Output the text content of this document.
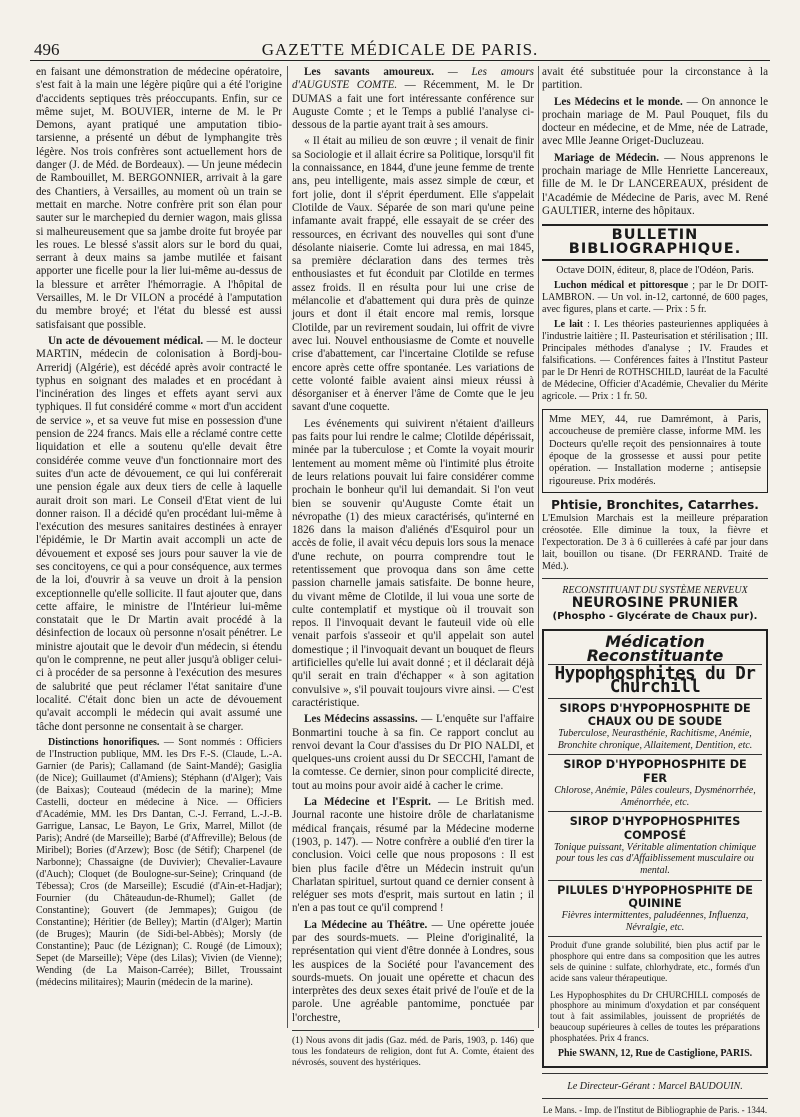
496	GAZETTE MÉDICALE DE PARIS.

en faisant une démonstration de médecine opératoire, s'est fait à la main une légère piqûre qui a été l'origine d'accidents septiques très préoccupants. Enfin, sur ce même sujet, M. BOUVIER, interne de M. le Pr Demons, ayant pratiqué une amputation tibio-tarsienne, a présenté un début de lymphangite très légère. Nos trois confrères sont actuellement hors de danger (J. de Méd. de Bordeaux). — Un jeune médecin de Rambouillet, M. BERGONNIER, arrivait à la gare des Chantiers, à Versailles, au moment où un train se mettait en marche. Notre confrère prit son élan pour sauter sur le marchepied du dernier wagon, mais glissa si malheureusement que sa jambe droite fut broyée par les roues. Le blessé s'assit alors sur le bord du quai, serrant à deux mains sa jambe mutilée et faisant apporter une ficelle pour la lier lui-même au-dessus de la blessure et arrêter l'hémorragie. A l'hôpital de Versailles, M. le Dr VILON a procédé à l'amputation du membre broyé; et l'état du blessé est aussi satisfaisant que possible.

Un acte de dévouement médical. — M. le docteur MARTIN, médecin de colonisation à Bordj-bou-Arreridj (Algérie), est décédé après avoir contracté le typhus en soignant des malades et en procédant à l'incinération des linges et effets ayant servi aux typhiques. Il fut considéré comme « mort d'un accident de service », et sa veuve fut mise en possession d'une pension de 224 francs. Mais elle a réclamé contre cette liquidation et elle a soutenu qu'elle devait être considérée comme veuve d'un fonctionnaire mort des suites d'un acte de dévouement, ce qui lui conférerait une pension égale aux deux tiers de celle à laquelle aurait droit son mari. Le Conseil d'Etat vient de lui donner raison. Il a décidé qu'en procédant lui-même à l'exécution des mesures sanitaires destinées à enrayer l'épidémie, le Dr Martin avait accompli un acte de dévouement et exposé ses jours pour sauver la vie de ses concitoyens, ce qui a pour conséquence, aux termes de la loi, d'ouvrir à sa veuve un droit à la pension exceptionnelle qu'elle sollicite. Il faut ajouter que, dans cette affaire, le ministre de l'Intérieur lui-même constatait que le Dr Martin avait procédé à la désinfection de locaux où personne n'osait pénétrer. Le ministre ajoutait que le devoir d'un médecin, si étendu qu'on le comprenne, ne peut aller jusqu'à obliger celui-ci à procéder de sa personne à l'exécution des mesures de salubrité que peut réclamer l'état sanitaire d'une localité. C'était donc bien un acte de dévouement qu'avait accompli le médecin qui avait assumé une tâche dont personne ne consentait à se charger.

Distinctions honorifiques. — Sont nommés : Officiers de l'Instruction publique, MM. les Drs F.-S. (Claude, L.-A. Garnier (de Paris); Callamand (de Saint-Mandé); Gasiglia (de Nice); Guillaumet (d'Amiens); Stéphann (d'Alger); Vais (de Baixas); Couteaud (médecin de la marine); Mme Castelli, docteur en médecine à Nice. — Officiers d'Académie, MM. les Drs Dantan, C.-J. Ferrand, L.-J.-B. Garrigue, Lansac, Le Bayon, Le Grix, Marrel, Millot (de Paris); André (de Marseille); Barbé (d'Affreville); Belous (de Miribel); Bories (d'Arzew); Bosc (de Sétif); Charpenel (de Narbonne); Chassaigne (de Duvivier); Chevalier-Lavaure (d'Auch); Cloquet (de Boulogne-sur-Seine); Crinquand (de Tébessa); Cros (de Marseille); Escudié (d'Ain-et-Hadjar); Fournier (du Châteaudun-de-Rhumel); Gallet (de Constantine); Gouvert (de Jemmapes); Guigou (de Constantine); Héritier (de Belley); Martin (d'Alger); Martin (de Bruges); Maurin (de Sidi-bel-Abbès); Morsly (de Constantine); Pauc (de Lézignan); C. Rougé (de Limoux); Sepet (de Marseille); Vèpe (des Lilas); Vivien (de Vienne); Wending (de La Maison-Carrée); Billet, Troussaint (médecins militaires); Maurin (médecin de la marine).

Les savants amoureux. — Les amours d'AUGUSTE COMTE. — Récemment, M. le Dr DUMAS a fait une fort intéressante conférence sur Auguste Comte ; et le Temps a publié l'analyse ci-dessous de la partie ayant trait à ses amours.

« Il était au milieu de son œuvre ; il venait de finir sa Sociologie et il allait écrire sa Politique, lorsqu'il fit la connaissance, en 1844, d'une jeune femme de trente ans, peu intelligente, mais assez simple de cœur, et fort jolie, dont il s'éprit éperdument. Elle s'appelait Clotilde de Vaux. Séparée de son mari qu'une peine infamante avait frappé, elle essayait de se créer des ressources, en écrivant des nouvelles qui sont d'une désolante niaiserie. Comte lui adressa, en mai 1845, sa première déclaration dans des termes très enthousiastes et fut éconduit par Clotilde en termes assez froids. Il en résulta pour lui une crise de mélancolie et d'abattement qui dura près de quinze jours et dont il était encore mal remis, lorsque Clotilde, par un revirement soudain, lui offrit de vivre avec lui. Nouvel enthousiasme de Comte et nouvelle crise d'abattement, car l'incertaine Clotilde se refuse encore après cette offre spontanée. Les variations de cette volonté faible avaient ainsi mieux réussi à désorganiser et à énerver l'âme de Comte que le jeu savant d'une coquette.

Les événements qui suivirent n'étaient d'ailleurs pas faits pour lui rendre le calme; Clotilde dépérissait, minée par la tuberculose ; et Comte la voyait mourir lentement au moment même où l'intimité plus étroite de leurs relations pouvait lui faire considérer comme prochain le bonheur qu'il lui demandait. Si l'on veut bien se souvenir qu'Auguste Comte était un névropathe (1) des mieux caractérisés, qu'interné en 1826 dans la maison d'aliénés d'Esquirol pour un accès de folie, il avait vécu depuis lors sous la menace d'une rechute, on pourra comprendre tout le retentissement que provoqua dans son âme cette passion charnelle jamais satisfaite. De bonne heure, du vivant même de Clotilde, il lui voua une sorte de culte contemplatif et mystique où il trouvait son repos. Il l'invoquait devant le fauteuil vide où elle venait parfois s'asseoir et qu'il appelait son autel domestique ; il l'invoquait devant un bouquet de fleurs artificielles qu'elle lui avait donné ; et il déclarait déjà qu'il serait en train d'échapper « à son agitation convulsive », s'il pouvait toujours vivre ainsi. — C'est caractéristique.

Les Médecins assassins. — L'enquête sur l'affaire Bonmartini touche à sa fin. Ce rapport conclut au renvoi devant la Cour d'assises du Dr PIO NALDI, et quelques-uns croient aussi du Dr SECCHI, l'amant de la comtesse. Ce dernier, sinon pour complicité directe, tout au moins pour avoir aidé à cacher le crime.

La Médecine et l'Esprit. — Le British med. Journal raconte une histoire drôle de charlatanisme médical français, résumé par la Médecine moderne (1903, p. 147). — Notre confrère a oublié d'en tirer la conclusion. Voici celle que nous proposons : Il est bien plus facile d'être un Médecin instruit qu'un Charlatan spirituel, surtout quand ce dernier consent à reléguer ses mots d'esprit, mais surtout en latin ; il n'en a pas tout ce qu'il comprend !

La Médecine au Théâtre. — Une opérette jouée par des sourds-muets. — Pleine d'originalité, la représentation qui vient d'être donnée à Londres, sous les auspices de la Société pour l'avancement des sourds-muets. On jouait une opérette et chacun des interprètes des deux sexes était privé de l'ouïe et de la parole. Une agréable pantomime, ponctuée par l'orchestre,

(1) Nous avons dit jadis (Gaz. méd. de Paris, 1903, p. 146) que tous les fondateurs de religion, dont fut A. Comte, étaient des névrosés, souvent des hystériques.

avait été substituée pour la circonstance à la partition.

Les Médecins et le monde. — On annonce le prochain mariage de M. Paul Pouquet, fils du docteur en médecine, et de Mme, née de Latrade, avec Mlle Jeanne Origet-Ducluzeau.

Mariage de Médecin. — Nous apprenons le prochain mariage de Mlle Henriette Lancereaux, fille de M. le Dr LANCEREAUX, président de l'Académie de Médecine de Paris, avec M. René GAULTIER, interne des hôpitaux.

BULLETIN BIBLIOGRAPHIQUE.

Octave DOIN, éditeur, 8, place de l'Odéon, Paris.

Luchon médical et pittoresque ; par le Dr DOIT-LAMBRON. — Un vol. in-12, cartonné, de 600 pages, avec figures, plans et carte. — Prix : 5 fr.

Le lait : I. Les théories pasteuriennes appliquées à l'industrie laitière ; II. Pasteurisation et stérilisation ; III. Principales méthodes d'analyse ; IV. Fraudes et falsifications. — Conférences faites à l'Institut Pasteur par le Dr Henri de ROTHSCHILD, lauréat de la Faculté de Médecine, Officier d'Académie, Chevalier du Mérite agricole. — Prix : 1 fr. 50.

Mme MEY, 44, rue Damrémont, à Paris, accoucheuse de première classe, informe MM. les Docteurs qu'elle reçoit des pensionnaires à toute époque de la grossesse et aussi pour petite opération. — Installation moderne ; antisepsie rigoureuse. Prix modérés.
Phtisie, Bronchites, Catarrhes.

L'Emulsion Marchais est la meilleure préparation créosotée. Elle diminue la toux, la fièvre et l'expectoration. De 3 à 6 cuillerées à café par jour dans lait, bouillon ou tisane. (Dr FERRAND. Traité de Méd.).

RECONSTITUANT DU SYSTÈME NERVEUX
NEUROSINE PRUNIER
(Phospho - Glycérate de Chaux pur).
Médication Reconstituante
Hypophosphites du Dr Churchill
SIROPS D'HYPOPHOSPHITE DE CHAUX OU DE SOUDE
Tuberculose, Neurasthénie, Rachitisme, Anémie, Bronchite chronique, Allaitement, Dentition, etc.
SIROP D'HYPOPHOSPHITE DE FER
Chlorose, Anémie, Pâles couleurs, Dysménorrhée, Aménorrhée, etc.
SIROP D'HYPOPHOSPHITES COMPOSÉ
Tonique puissant, Véritable alimentation chimique pour tous les cas d'Affaiblissement musculaire ou mental.
PILULES D'HYPOPHOSPHITE DE QUININE
Fièvres intermittentes, paludéennes, Influenza, Névralgie, etc.
Produit d'une grande solubilité, bien plus actif par le phosphore qui entre dans sa composition que les autres sels de quinine : sulfate, chlorhydrate, etc., formés d'un acide sans valeur thérapeutique.
Les Hypophosphites du Dr CHURCHILL composés de phosphore au minimum d'oxydation et par conséquent tout à fait assimilables, jouissent de propriétés de beaucoup supérieures à celles de toutes les préparations phosphatées. Prix 4 francs.
Phie SWANN, 12, Rue de Castiglione, PARIS.
Le Directeur-Gérant : Marcel BAUDOUIN.
Le Mans. - Imp. de l'Institut de Bibliographie de Paris. - 1344.
